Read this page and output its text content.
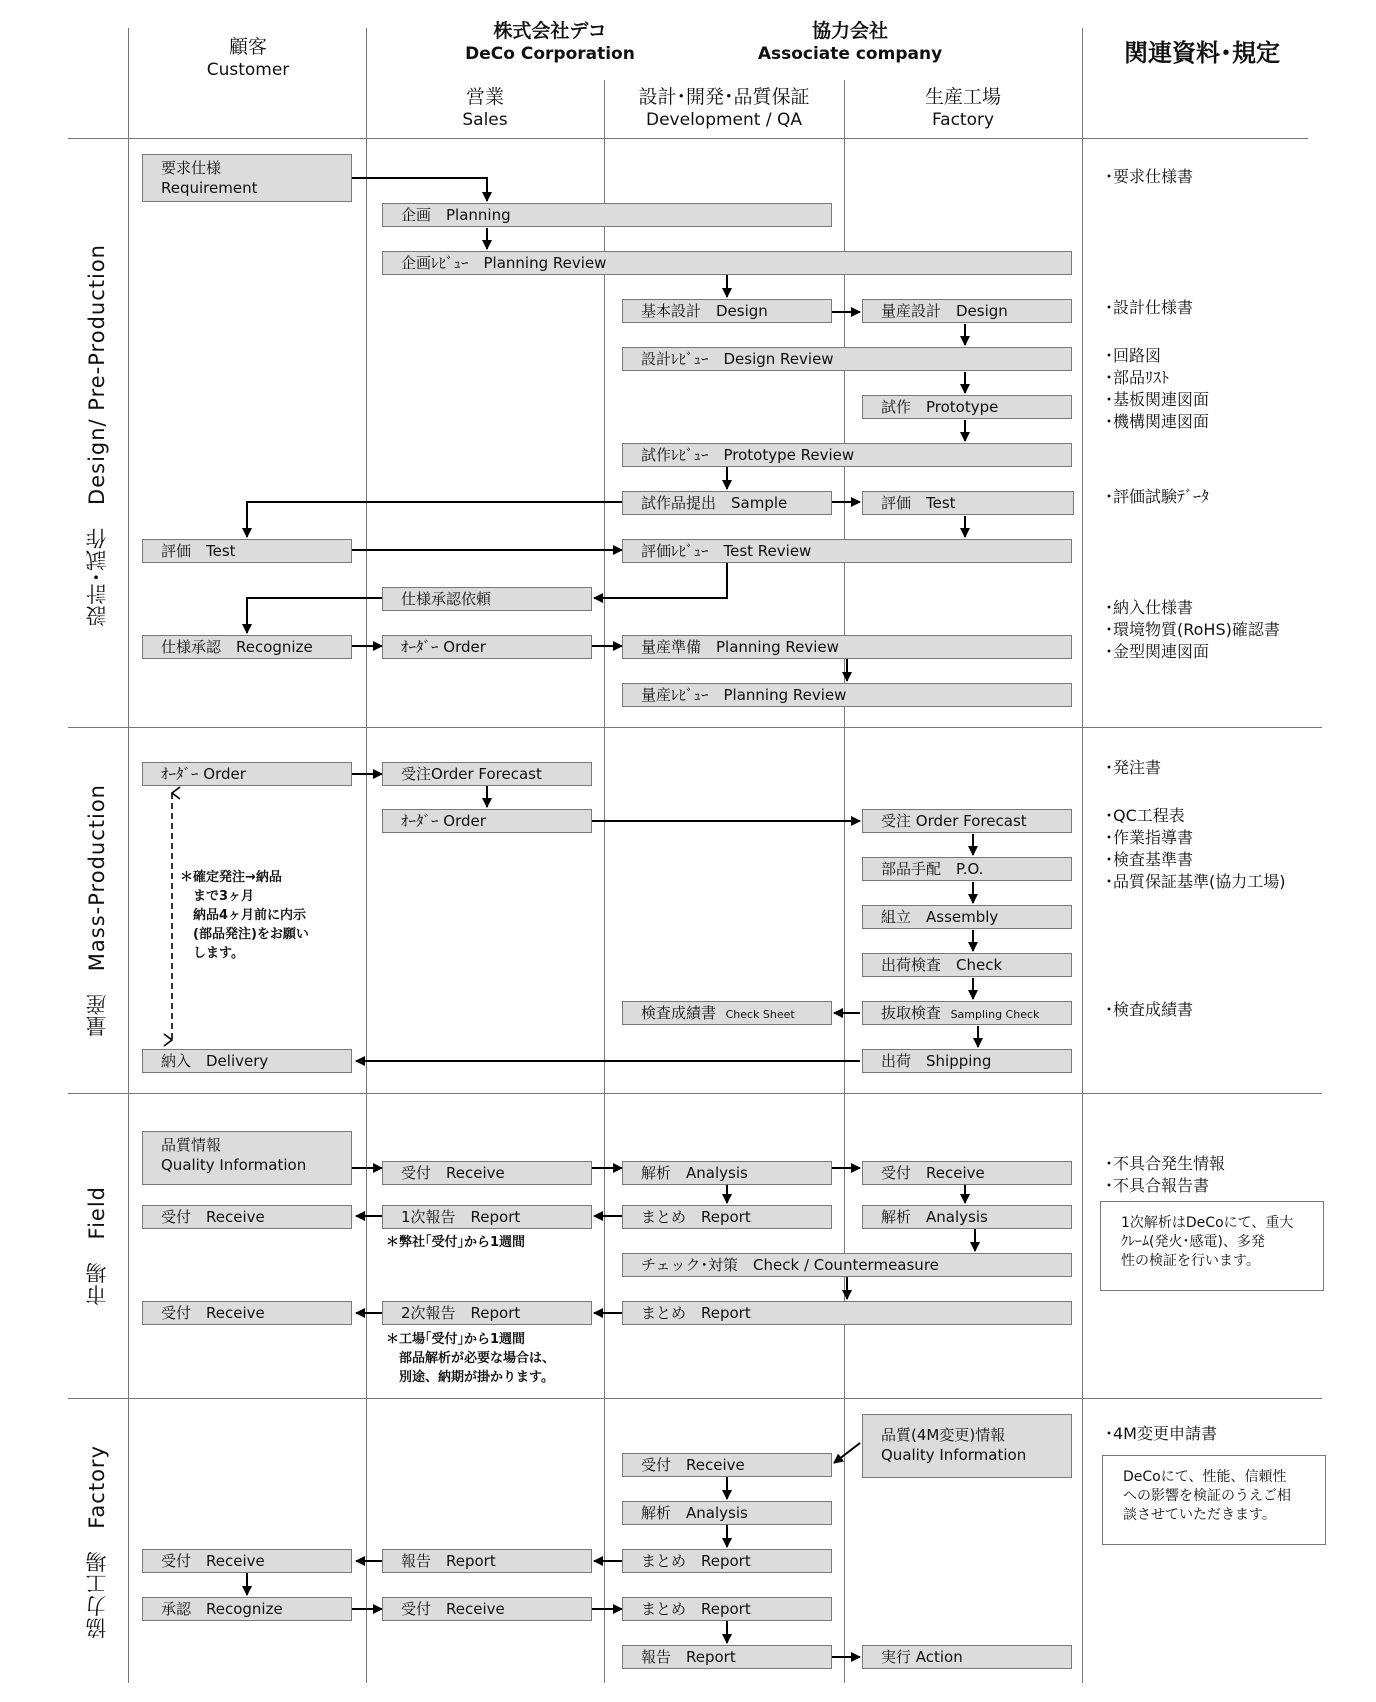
顧客
Customer
株式会社デコ
DeCo Corporation
協力会社
Associate company
営業
Sales
設計･開発･品質保証
Development / QA
生産工場
Factory
関連資料･規定
設計･試作　Design/ Pre-Production
量産　Mass-Production
市場　Field
協力工場　Factory
要求仕様
Requirement
企画　Planning
企画ﾚﾋﾞｭｰ　Planning Review
基本設計　Design	量産設計　Design
設計ﾚﾋﾞｭｰ　Design Review
試作　Prototype
試作ﾚﾋﾞｭｰ　Prototype Review
試作品提出　Sample	評価　Test
評価　Test	評価ﾚﾋﾞｭｰ　Test Review
仕様承認依頼
仕様承認　Recognize	ｵｰﾀﾞｰ Order	量産準備　Planning Review
量産ﾚﾋﾞｭｰ　Planning Review
ｵｰﾀﾞｰ Order	受注Order Forecast
ｵｰﾀﾞｰ Order	受注 Order Forecast
部品手配　P.O.
組立　Assembly
出荷検査　Check
検査成績書 Check Sheet	抜取検査 Sampling Check
納入　Delivery	出荷　Shipping
＊確定発注→納品
　まで3ヶ月
　納品4ヶ月前に内示
　(部品発注)をお願い
　します。
品質情報
Quality Information	受付　Receive	解析　Analysis	受付　Receive
受付　Receive	1次報告　Report	まとめ　Report	解析　Analysis
＊弊社｢受付｣から1週間
チェック･対策　Check / Countermeasure
受付　Receive	2次報告　Report	まとめ　Report
＊工場｢受付｣から1週間
　部品解析が必要な場合は、
　別途、納期が掛かります。
品質(4M変更)情報
Quality Information
受付　Receive
解析　Analysis
受付　Receive	報告　Report	まとめ　Report
承認　Recognize	受付　Receive	まとめ　Report
報告　Report	実行 Action
･要求仕様書
･設計仕様書
･回路図
･部品ﾘｽﾄ
･基板関連図面
･機構関連図面
･評価試験ﾃﾞｰﾀ
･納入仕様書
･環境物質(RoHS)確認書
･金型関連図面
･発注書
･QC工程表
･作業指導書
･検査基準書
･品質保証基準(協力工場)
･検査成績書
･不具合発生情報
･不具合報告書
1次解析はDeCoにて、重大
ｸﾚｰﾑ(発火･感電)、多発
性の検証を行います。
･4M変更申請書
DeCoにて、性能、信頼性
への影響を検証のうえご相
談させていただきます。
